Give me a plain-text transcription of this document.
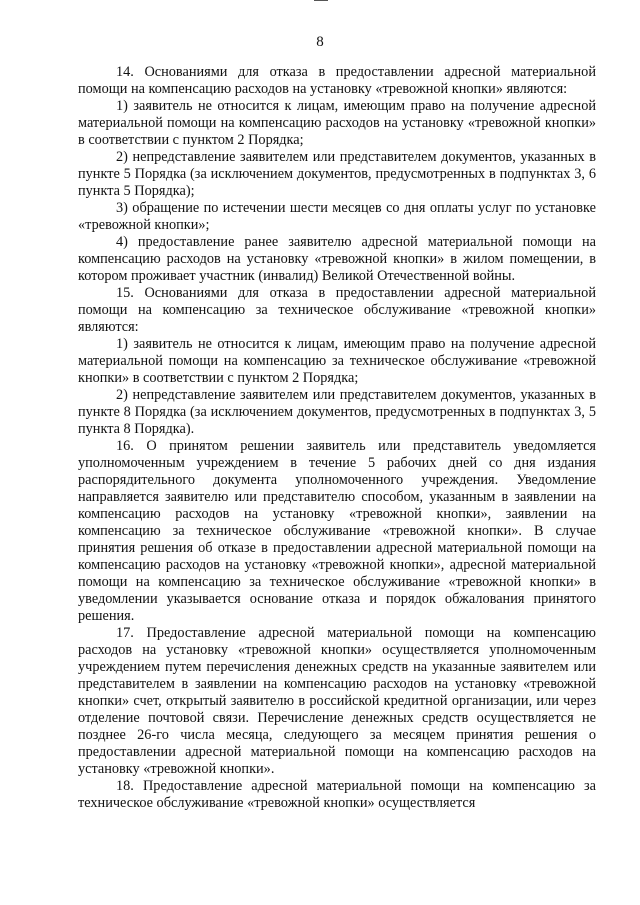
8

14. Основаниями для отказа в предоставлении адресной материальной помощи на компенсацию расходов на установку «тревожной кнопки» являются:

1) заявитель не относится к лицам, имеющим право на получение адресной материальной помощи на компенсацию расходов на установку «тревожной кнопки» в соответствии с пунктом 2 Порядка;

2) непредставление заявителем или представителем документов, указанных в пункте 5 Порядка (за исключением документов, предусмотренных в подпунктах 3, 6 пункта 5 Порядка);

3) обращение по истечении шести месяцев со дня оплаты услуг по установке «тревожной кнопки»;

4) предоставление ранее заявителю адресной материальной помощи на компенсацию расходов на установку «тревожной кнопки» в жилом помещении, в котором проживает участник (инвалид) Великой Отечественной войны.

15. Основаниями для отказа в предоставлении адресной материальной помощи на компенсацию за техническое обслуживание «тревожной кнопки» являются:

1) заявитель не относится к лицам, имеющим право на получение адресной материальной помощи на компенсацию за техническое обслуживание «тревожной кнопки» в соответствии с пунктом 2 Порядка;

2) непредставление заявителем или представителем документов, указанных в пункте 8 Порядка (за исключением документов, предусмотренных в подпунктах 3, 5 пункта 8 Порядка).

16. О принятом решении заявитель или представитель уведомляется уполномоченным учреждением в течение 5 рабочих дней со дня издания распорядительного документа уполномоченного учреждения. Уведомление направляется заявителю или представителю способом, указанным в заявлении на компенсацию расходов на установку «тревожной кнопки», заявлении на компенсацию за техническое обслуживание «тревожной кнопки». В случае принятия решения об отказе в предоставлении адресной материальной помощи на компенсацию расходов на установку «тревожной кнопки», адресной материальной помощи на компенсацию за техническое обслуживание «тревожной кнопки» в уведомлении указывается основание отказа и порядок обжалования принятого решения.

17. Предоставление адресной материальной помощи на компенсацию расходов на установку «тревожной кнопки» осуществляется уполномоченным учреждением путем перечисления денежных средств на указанные заявителем или представителем в заявлении на компенсацию расходов на установку «тревожной кнопки» счет, открытый заявителю в российской кредитной организации, или через отделение почтовой связи. Перечисление денежных средств осуществляется не позднее 26-го числа месяца, следующего за месяцем принятия решения о предоставлении адресной материальной помощи на компенсацию расходов на установку «тревожной кнопки».

18. Предоставление адресной материальной помощи на компенсацию за техническое обслуживание «тревожной кнопки» осуществляется
